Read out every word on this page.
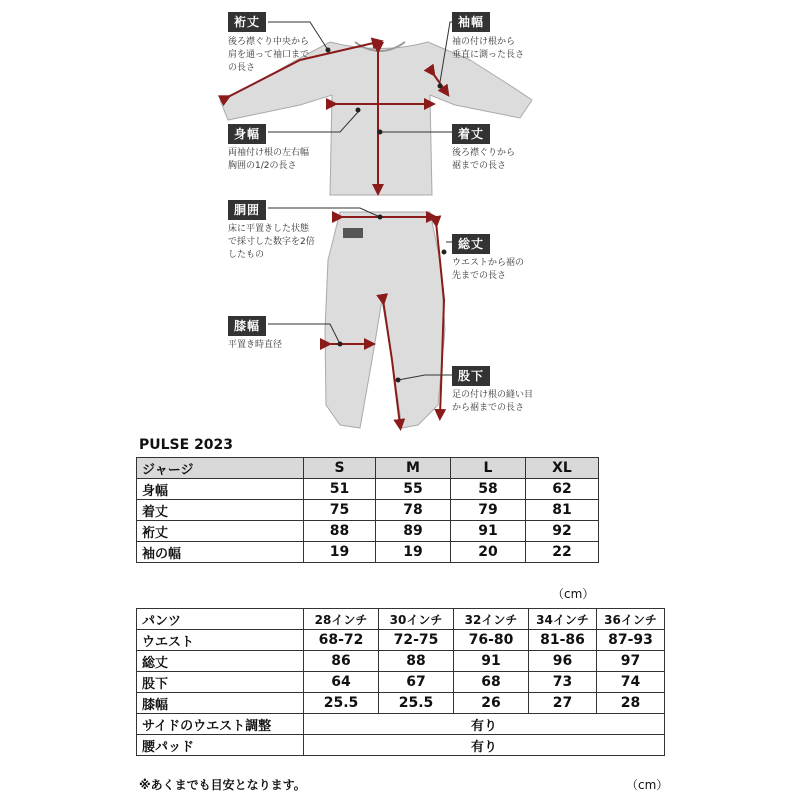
裄丈
後ろ襟ぐり中央から
肩を通って袖口まで
の長さ
袖幅
袖の付け根から
垂直に測った長さ
身幅
両袖付け根の左右幅
胸囲の1/2の長さ
着丈
後ろ襟ぐりから
裾までの長さ
胴囲
床に平置きした状態
で採寸した数字を2倍
したもの
総丈
ウエストから裾の
先までの長さ
膝幅
平置き時直径
股下
足の付け根の縫い目
から裾までの長さ
PULSE 2023
ジャージ	S	M	L	XL
身幅	51	55	58	62
着丈	75	78	79	81
裄丈	88	89	91	92
袖の幅	19	19	20	22
（cm）
パンツ	28インチ	30インチ	32インチ	34インチ	36インチ
ウエスト	68-72	72-75	76-80	81-86	87-93
総丈	86	88	91	96	97
股下	64	67	68	73	74
膝幅	25.5	25.5	26	27	28
サイドのウエスト調整	有り				
腰パッド	有り				
※あくまでも目安となります。	（cm）
